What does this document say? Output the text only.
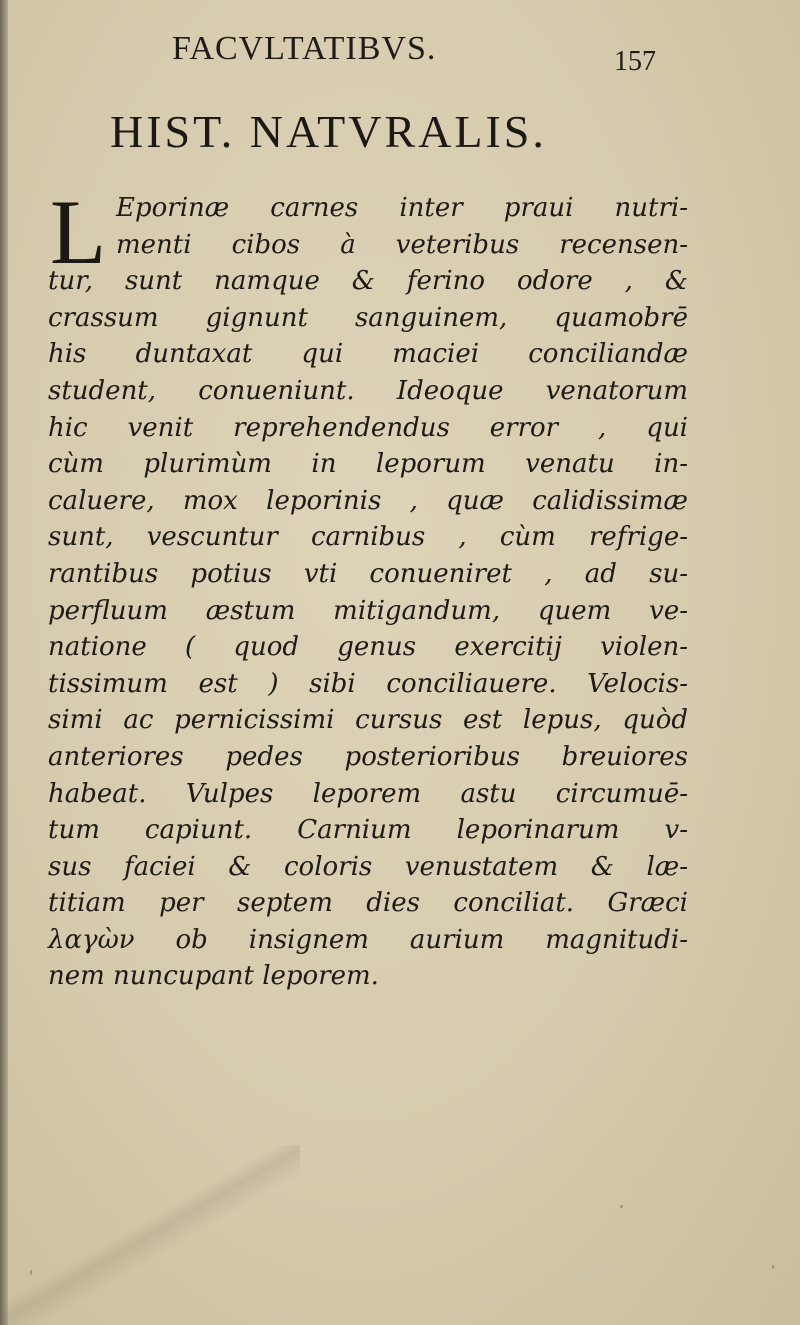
FACVLTATIBVS.	157
HIST. NATVRALIS.
L Eporinæ carnes inter praui nutri-
menti cibos à veteribus recensen-
tur, sunt namque & ferino odore , &
crassum gignunt sanguinem, quamobrē
his duntaxat qui maciei conciliandæ
student, conueniunt. Ideoque venatorum
hic venit reprehendendus error , qui
cùm plurimùm in leporum venatu in-
caluere, mox leporinis , quæ calidissimæ
sunt, vescuntur carnibus , cùm refrige-
rantibus potius vti conueniret , ad su-
perfluum æstum mitigandum, quem ve-
natione ( quod genus exercitij violen-
tissimum est ) sibi conciliauere. Velocis-
simi ac pernicissimi cursus est lepus, quòd
anteriores pedes posterioribus breuiores
habeat. Vulpes leporem astu circumuē-
tum capiunt. Carnium leporinarum v-
sus faciei & coloris venustatem & læ-
titiam per septem dies conciliat. Græci
λαγὼν ob insignem aurium magnitudi-
nem nuncupant leporem.
